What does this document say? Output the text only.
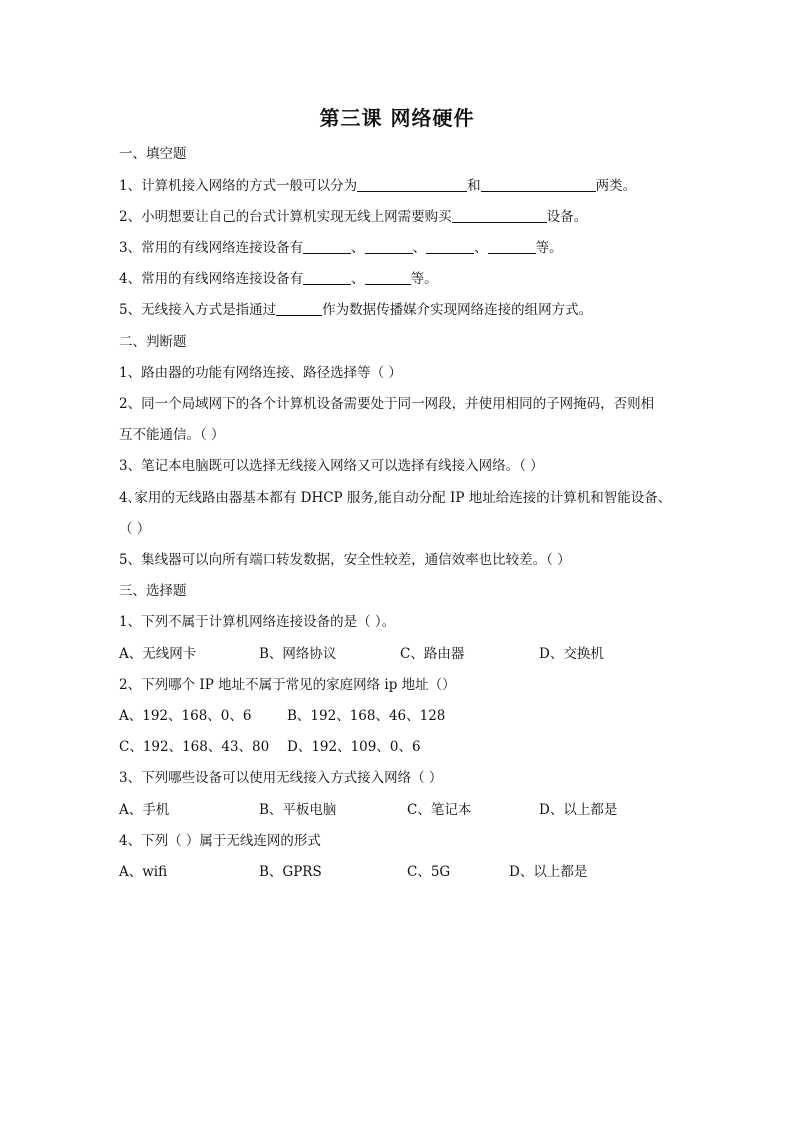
第三课 网络硬件
一、填空题
1、计算机接入网络的方式一般可以分为	和	两类。
2、小明想要让自己的台式计算机实现无线上网需要购买	设备。
3、常用的有线网络连接设备有	、	、	、	等。
4、常用的有线网络连接设备有	、	等。
5、无线接入方式是指通过	作为数据传播媒介实现网络连接的组网方式。
二、判断题
1、路由器的功能有网络连接、路径选择等（ ）
2、同一个局域网下的各个计算机设备需要处于同一网段，并使用相同的子网掩码，否则相
互不能通信。（ ）
3、笔记本电脑既可以选择无线接入网络又可以选择有线接入网络。（ ）
4､家用的无线路由器基本都有 DHCP 服务,能自动分配 IP 地址给连接的计算机和智能设备、
（ ）
5、集线器可以向所有端口转发数据，安全性较差，通信效率也比较差。（ ）
三、选择题
1、下列不属于计算机网络连接设备的是（ ）。
A、无线网卡	B、网络协议	C、路由器	D、交换机
2、下列哪个 IP 地址不属于常见的家庭网络 ip 地址（）
A、192、168、0、6	B、192、168、46、128
C、192、168、43、80 D、192、109、0、6
3、下列哪些设备可以使用无线接入方式接入网络（ ）
A、手机	B、平板电脑	C、笔记本	D、以上都是
4、下列（ ）属于无线连网的形式
A、wifi	B、GPRS	C、5G	D、以上都是
